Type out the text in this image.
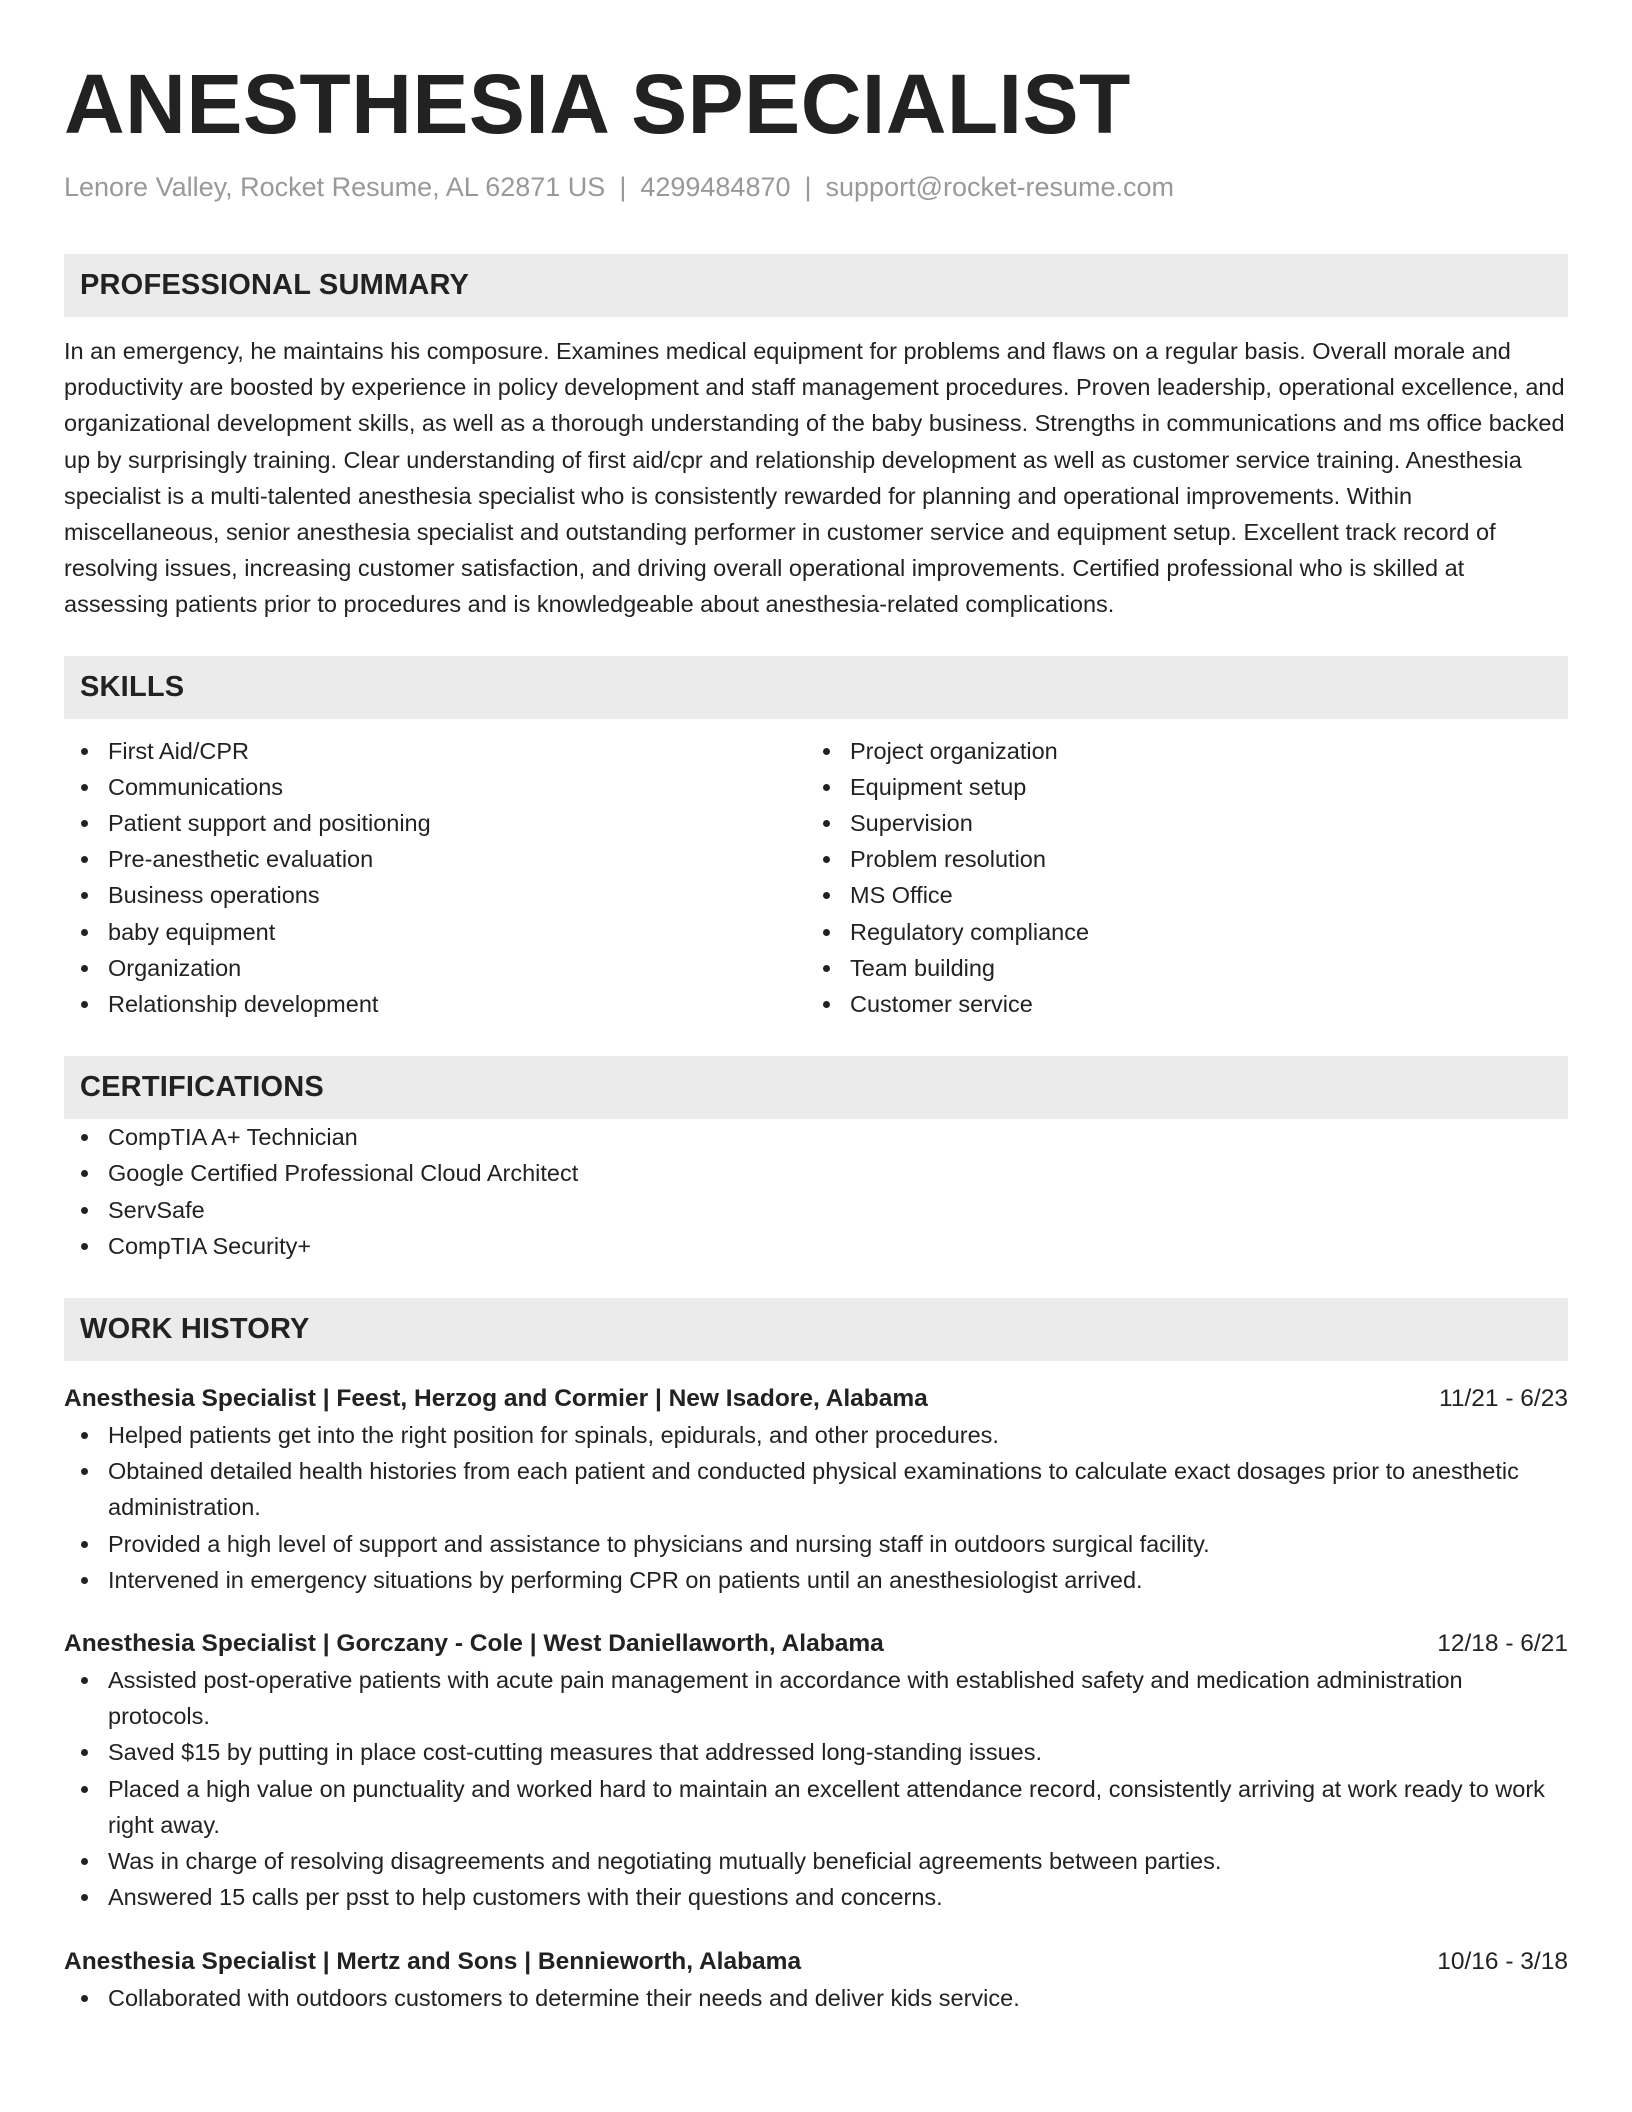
ANESTHESIA SPECIALIST
Lenore Valley, Rocket Resume, AL 62871 US | 4299484870 | support@rocket-resume.com
PROFESSIONAL SUMMARY
In an emergency, he maintains his composure. Examines medical equipment for problems and flaws on a regular basis. Overall morale and productivity are boosted by experience in policy development and staff management procedures. Proven leadership, operational excellence, and organizational development skills, as well as a thorough understanding of the baby business. Strengths in communications and ms office backed up by surprisingly training. Clear understanding of first aid/cpr and relationship development as well as customer service training. Anesthesia specialist is a multi-talented anesthesia specialist who is consistently rewarded for planning and operational improvements. Within miscellaneous, senior anesthesia specialist and outstanding performer in customer service and equipment setup. Excellent track record of resolving issues, increasing customer satisfaction, and driving overall operational improvements. Certified professional who is skilled at assessing patients prior to procedures and is knowledgeable about anesthesia-related complications.
SKILLS
First Aid/CPR
Communications
Patient support and positioning
Pre-anesthetic evaluation
Business operations
baby equipment
Organization
Relationship development
Project organization
Equipment setup
Supervision
Problem resolution
MS Office
Regulatory compliance
Team building
Customer service
CERTIFICATIONS
CompTIA A+ Technician
Google Certified Professional Cloud Architect
ServSafe
CompTIA Security+
WORK HISTORY
Anesthesia Specialist | Feest, Herzog and Cormier | New Isadore, Alabama	11/21 - 6/23
Helped patients get into the right position for spinals, epidurals, and other procedures.
Obtained detailed health histories from each patient and conducted physical examinations to calculate exact dosages prior to anesthetic administration.
Provided a high level of support and assistance to physicians and nursing staff in outdoors surgical facility.
Intervened in emergency situations by performing CPR on patients until an anesthesiologist arrived.
Anesthesia Specialist | Gorczany - Cole | West Daniellaworth, Alabama	12/18 - 6/21
Assisted post-operative patients with acute pain management in accordance with established safety and medication administration protocols.
Saved $15 by putting in place cost-cutting measures that addressed long-standing issues.
Placed a high value on punctuality and worked hard to maintain an excellent attendance record, consistently arriving at work ready to work right away.
Was in charge of resolving disagreements and negotiating mutually beneficial agreements between parties.
Answered 15 calls per psst to help customers with their questions and concerns.
Anesthesia Specialist | Mertz and Sons | Bennieworth, Alabama	10/16 - 3/18
Collaborated with outdoors customers to determine their needs and deliver kids service.
